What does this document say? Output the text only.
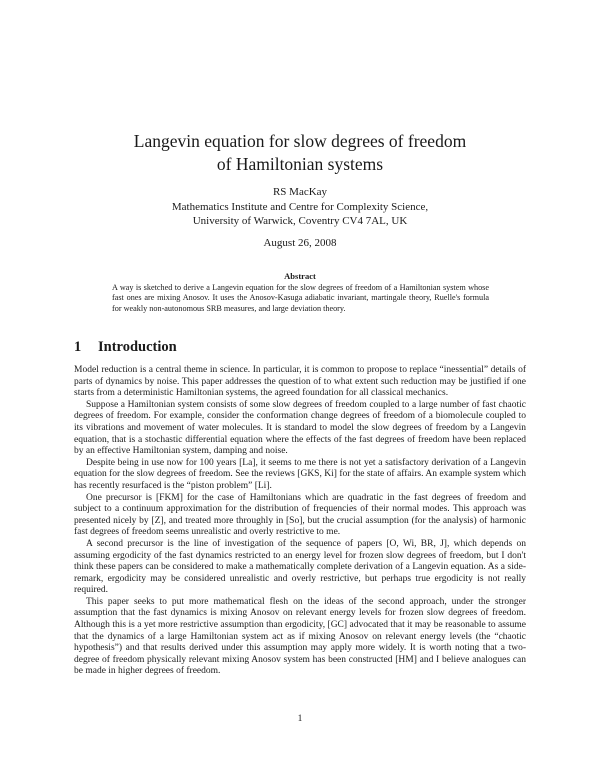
Langevin equation for slow degrees of freedom
of Hamiltonian systems
RS MacKay
Mathematics Institute and Centre for Complexity Science,
University of Warwick, Coventry CV4 7AL, UK
August 26, 2008
Abstract
A way is sketched to derive a Langevin equation for the slow degrees of freedom of a Hamiltonian system whose fast ones are mixing Anosov. It uses the Anosov-Kasuga adiabatic invariant, martingale theory, Ruelle's formula for weakly non-autonomous SRB measures, and large deviation theory.
1 Introduction

Model reduction is a central theme in science. In particular, it is common to propose to replace “inessential” details of parts of dynamics by noise. This paper addresses the question of to what extent such reduction may be justified if one starts from a deterministic Hamiltonian systems, the agreed foundation for all classical mechanics.

Suppose a Hamiltonian system consists of some slow degrees of freedom coupled to a large number of fast chaotic degrees of freedom. For example, consider the conformation change degrees of freedom of a biomolecule coupled to its vibrations and movement of water molecules. It is standard to model the slow degrees of freedom by a Langevin equation, that is a stochastic differential equation where the effects of the fast degrees of freedom have been replaced by an effective Hamiltonian system, damping and noise.

Despite being in use now for 100 years [La], it seems to me there is not yet a satisfactory derivation of a Langevin equation for the slow degrees of freedom. See the reviews [GKS, Ki] for the state of affairs. An example system which has recently resurfaced is the “piston problem” [Li].

One precursor is [FKM] for the case of Hamiltonians which are quadratic in the fast degrees of freedom and subject to a continuum approximation for the distribution of frequencies of their normal modes. This approach was presented nicely by [Z], and treated more throughly in [So], but the crucial assumption (for the analysis) of harmonic fast degrees of freedom seems unrealistic and overly restrictive to me.

A second precursor is the line of investigation of the sequence of papers [O, Wi, BR, J], which depends on assuming ergodicity of the fast dynamics restricted to an energy level for frozen slow degrees of freedom, but I don't think these papers can be considered to make a mathematically complete derivation of a Langevin equation. As a side-remark, ergodicity may be considered unrealistic and overly restrictive, but perhaps true ergodicity is not really required.

This paper seeks to put more mathematical flesh on the ideas of the second approach, under the stronger assumption that the fast dynamics is mixing Anosov on relevant energy levels for frozen slow degrees of freedom. Although this is a yet more restrictive assumption than ergodicity, [GC] advocated that it may be reasonable to assume that the dynamics of a large Hamiltonian system act as if mixing Anosov on relevant energy levels (the “chaotic hypothesis”) and that results derived under this assumption may apply more widely. It is worth noting that a two-degree of freedom physically relevant mixing Anosov system has been constructed [HM] and I believe analogues can be made in higher degrees of freedom.

1
